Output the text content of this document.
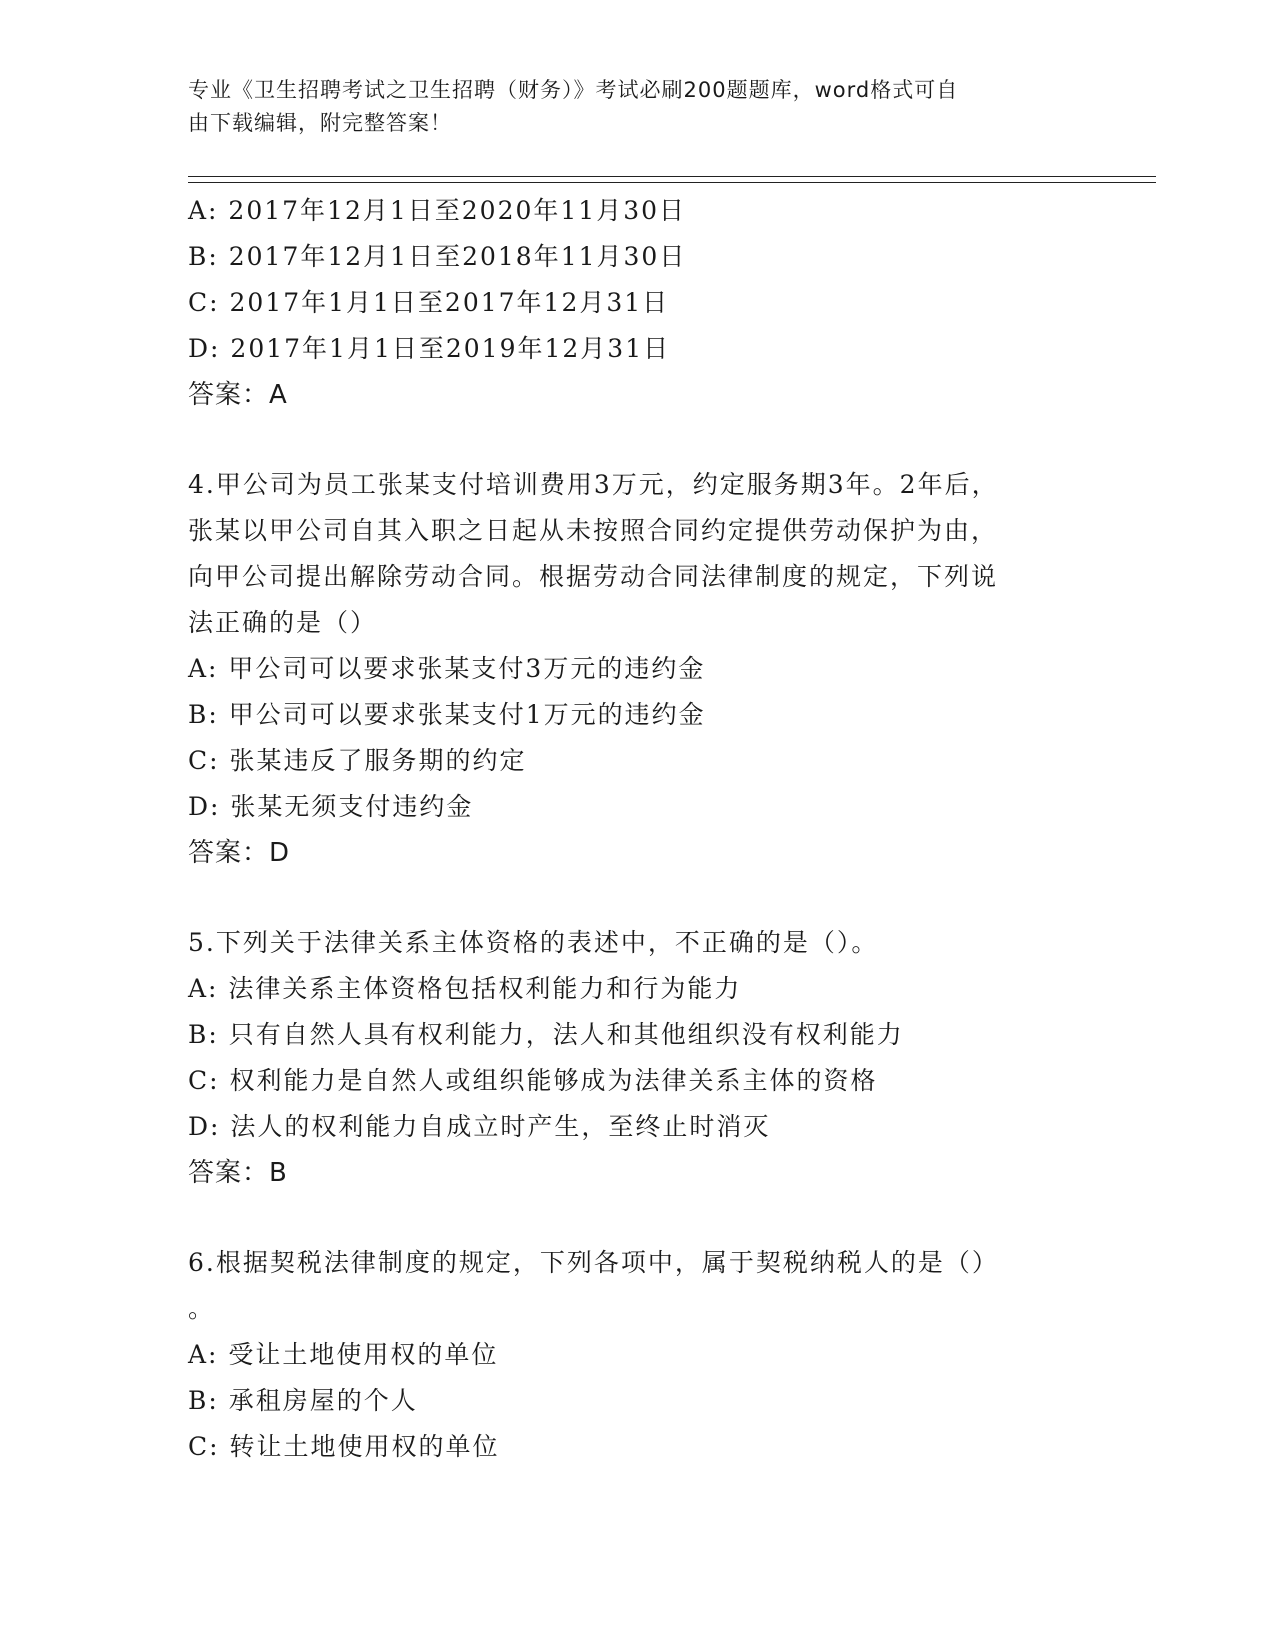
专业《卫生招聘考试之卫生招聘（财务）》考试必刷200题题库，word格式可自
由下载编辑，附完整答案！
A: 2017年12月1日至2020年11月30日
B: 2017年12月1日至2018年11月30日
C: 2017年1月1日至2017年12月31日
D: 2017年1月1日至2019年12月31日
答案：A
4.甲公司为员工张某支付培训费用3万元，约定服务期3年。2年后，
张某以甲公司自其入职之日起从未按照合同约定提供劳动保护为由，
向甲公司提出解除劳动合同。根据劳动合同法律制度的规定，下列说
法正确的是（）
A: 甲公司可以要求张某支付3万元的违约金
B: 甲公司可以要求张某支付1万元的违约金
C: 张某违反了服务期的约定
D: 张某无须支付违约金
答案：D
5.下列关于法律关系主体资格的表述中，不正确的是（）。
A: 法律关系主体资格包括权利能力和行为能力
B: 只有自然人具有权利能力，法人和其他组织没有权利能力
C: 权利能力是自然人或组织能够成为法律关系主体的资格
D: 法人的权利能力自成立时产生，至终止时消灭
答案：B
6.根据契税法律制度的规定，下列各项中，属于契税纳税人的是（）
。
A: 受让土地使用权的单位
B: 承租房屋的个人
C: 转让土地使用权的单位
